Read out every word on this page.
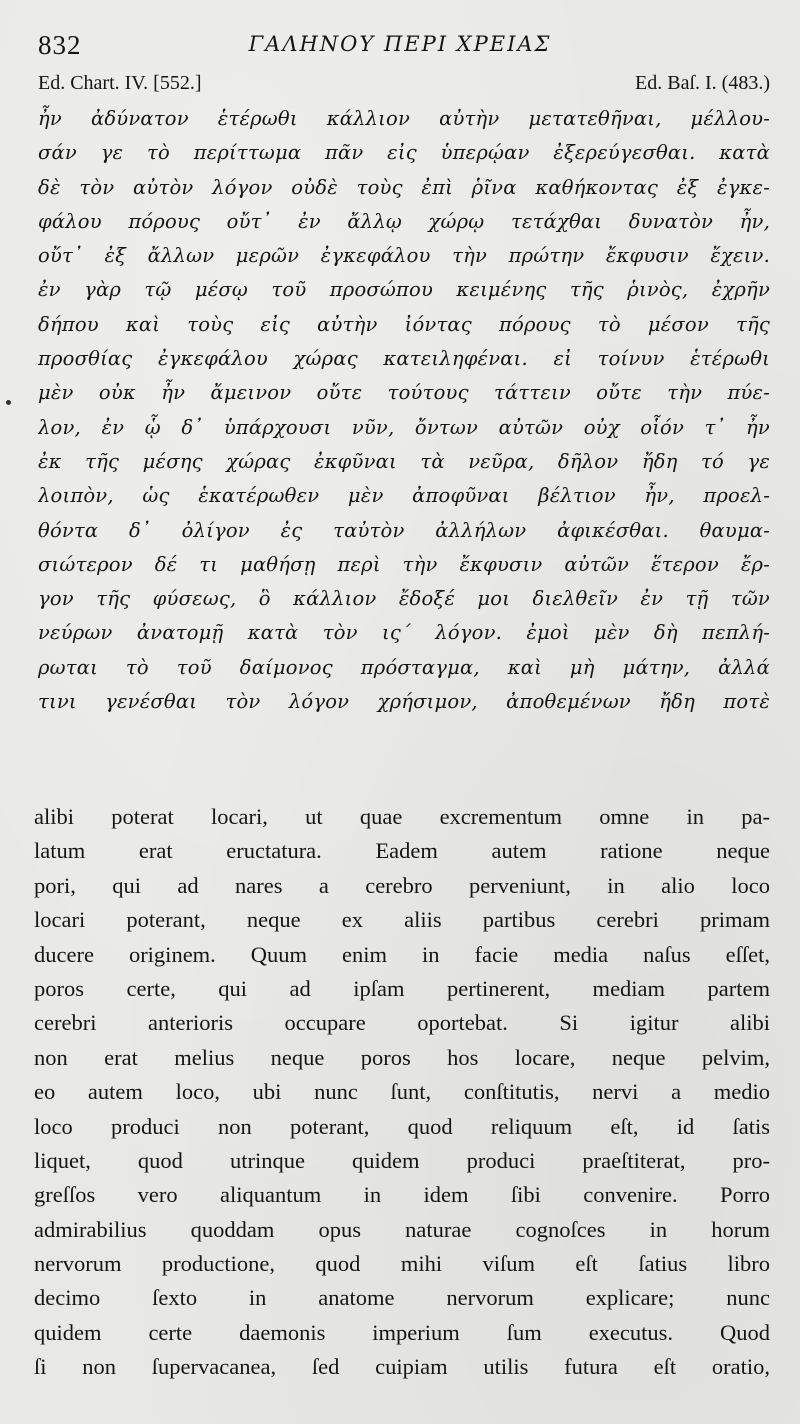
832	ΓΑΛΗΝΟΥ ΠΕΡΙ ΧΡΕΙΑΣ
Ed. Chart. IV. [552.]	Ed. Baſ. I. (483.)
ἦν ἀδύνατον ἑτέρωθι κάλλιον αὐτὴν μετατεθῆναι, μέλλου-
σάν γε τὸ περίττωμα πᾶν εἰς ὑπερῴαν ἐξερεύγεσθαι. κατὰ
δὲ τὸν αὐτὸν λόγον οὐδὲ τοὺς ἐπὶ ῥῖνα καθήκοντας ἐξ ἐγκε-
φάλου πόρους οὔτ᾿ ἐν ἄλλῳ χώρῳ τετάχθαι δυνατὸν ἦν,
οὔτ᾿ ἐξ ἄλλων μερῶν ἐγκεφάλου τὴν πρώτην ἔκφυσιν ἔχειν.
ἐν γὰρ τῷ μέσῳ τοῦ προσώπου κειμένης τῆς ῥινὸς, ἐχρῆν
δήπου καὶ τοὺς εἰς αὐτὴν ἰόντας πόρους τὸ μέσον τῆς
προσθίας ἐγκεφάλου χώρας κατειληφέναι. εἰ τοίνυν ἑτέρωθι
μὲν οὐκ ἦν ἄμεινον οὔτε τούτους τάττειν οὔτε τὴν πύε-
λον, ἐν ᾧ δ᾿ ὑπάρχουσι νῦν, ὄντων αὐτῶν οὐχ οἷόν τ᾿ ἦν
ἐκ τῆς μέσης χώρας ἐκφῦναι τὰ νεῦρα, δῆλον ἤδη τό γε
λοιπὸν, ὡς ἑκατέρωθεν μὲν ἀποφῦναι βέλτιον ἦν, προελ-
θόντα δ᾿ ὀλίγον ἐς ταὐτὸν ἀλλήλων ἀφικέσθαι. θαυμα-
σιώτερον δέ τι μαθήσῃ περὶ τὴν ἔκφυσιν αὐτῶν ἕτερον ἔρ-
γον τῆς φύσεως, ὃ κάλλιον ἔδοξέ μοι διελθεῖν ἐν τῇ τῶν
νεύρων ἀνατομῇ κατὰ τὸν ις´ λόγον. ἐμοὶ μὲν δὴ πεπλή-
ρωται τὸ τοῦ δαίμονος πρόσταγμα, καὶ μὴ μάτην, ἀλλά
τινι γενέσθαι τὸν λόγον χρήσιμον, ἀποθεμένων ἤδη ποτὲ
alibi poterat locari, ut quae excrementum omne in pa-
latum erat eructatura. Eadem autem ratione neque
pori, qui ad nares a cerebro perveniunt, in alio loco
locari poterant, neque ex aliis partibus cerebri primam
ducere originem. Quum enim in facie media naſus eſſet,
poros certe, qui ad ipſam pertinerent, mediam partem
cerebri anterioris occupare oportebat. Si igitur alibi
non erat melius neque poros hos locare, neque pelvim,
eo autem loco, ubi nunc ſunt, conſtitutis, nervi a medio
loco produci non poterant, quod reliquum eſt, id ſatis
liquet, quod utrinque quidem produci praeſtiterat, pro-
greſſos vero aliquantum in idem ſibi convenire. Porro
admirabilius quoddam opus naturae cognoſces in horum
nervorum productione, quod mihi viſum eſt ſatius libro
decimo ſexto in anatome nervorum explicare; nunc
quidem certe daemonis imperium ſum executus. Quod
ſi non ſupervacanea, ſed cuipiam utilis futura eſt oratio,
